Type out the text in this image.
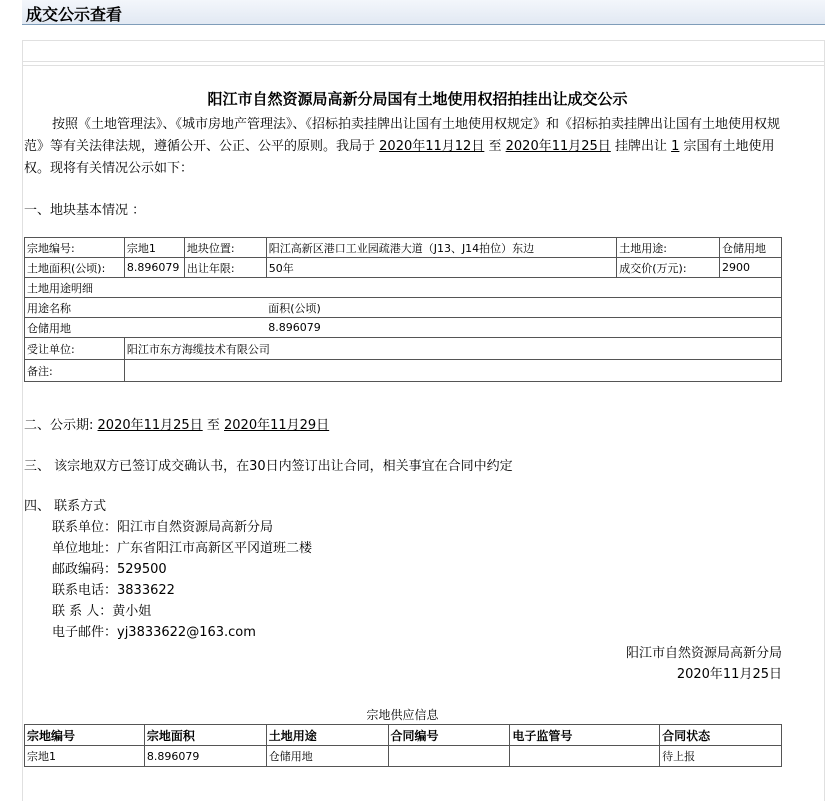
成交公示查看
阳江市自然资源局高新分局国有土地使用权招拍挂出让成交公示
按照《土地管理法》、《城市房地产管理法》、《招标拍卖挂牌出让国有土地使用权规定》和《招标拍卖挂牌出让国有土地使用权规范》等有关法律法规，遵循公开、公正、公平的原则。我局于 2020年11月12日 至 2020年11月25日 挂牌出让 1 宗国有土地使用权。现将有关情况公示如下：
一、地块基本情况 ：
宗地编号:	宗地1	地块位置:	阳江高新区港口工业园疏港大道（J13、J14拍位）东边	土地用途:	仓储用地
土地面积(公顷):	8.896079	出让年限:	50年	成交价(万元):	2900
土地用途明细					
用途名称			面积(公顷)		
仓储用地			8.896079		
受让单位:	阳江市东方海缆技术有限公司				
备注:					
二、公示期: 2020年11月25日 至 2020年11月29日
三、 该宗地双方已签订成交确认书，在30日内签订出让合同，相关事宜在合同中约定
四、 联系方式
联系单位：阳江市自然资源局高新分局
单位地址：广东省阳江市高新区平冈道班二楼
邮政编码：529500
联系电话：3833622
联 系 人：黄小姐
电子邮件：yj3833622@163.com
阳江市自然资源局高新分局
2020年11月25日
宗地供应信息
宗地编号	宗地面积	土地用途	合同编号	电子监管号	合同状态
宗地1	8.896079	仓储用地			待上报
